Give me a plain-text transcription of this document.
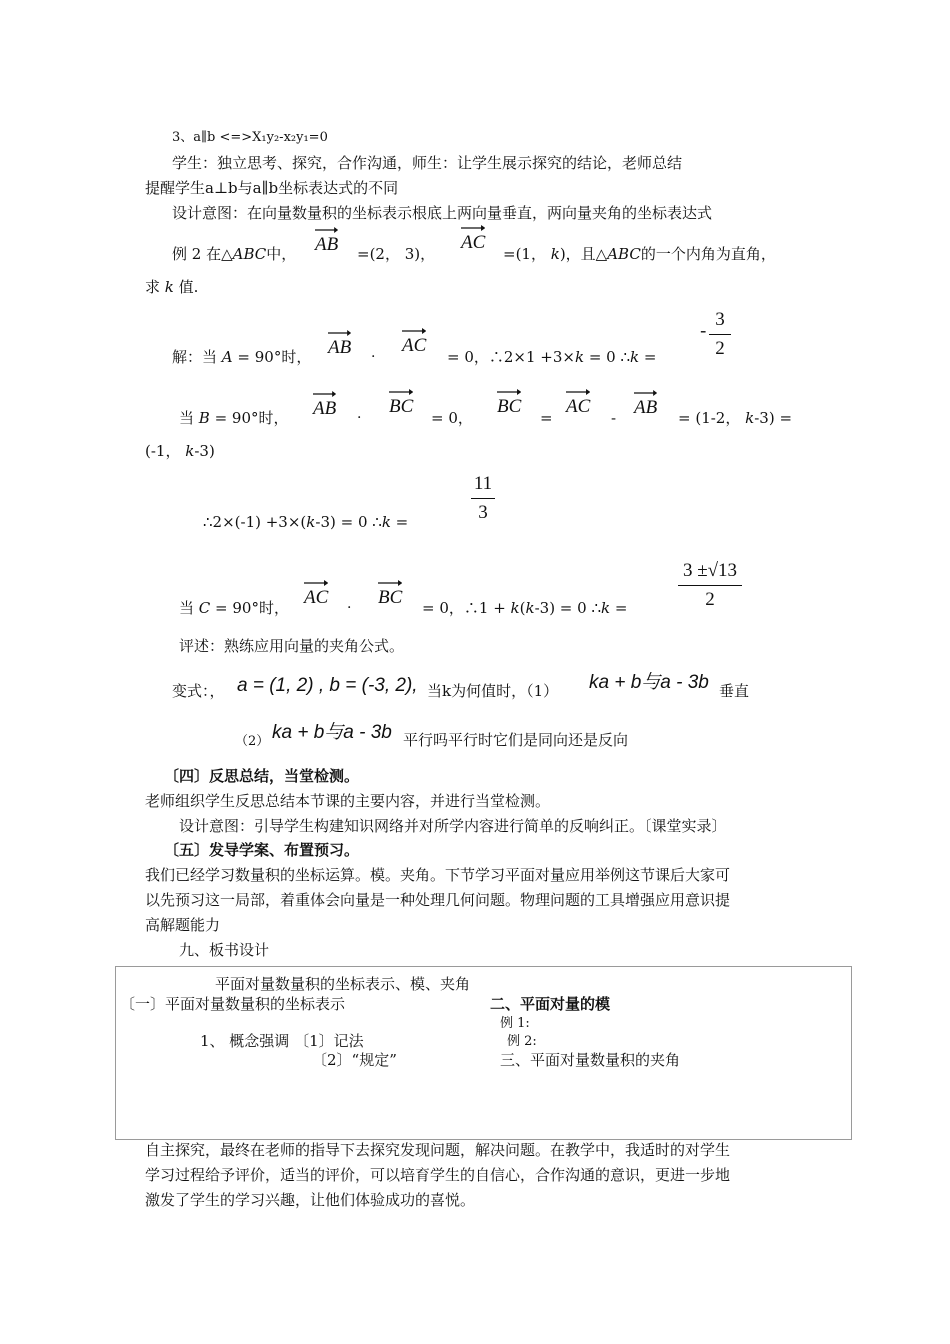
3、a∥b <=>X₁y₂-x₂y₁=0
学生：独立思考、探究，合作沟通，师生：让学生展示探究的结论，老师总结
提醒学生a⊥b与a∥b坐标表达式的不同
设计意图：在向量数量积的坐标表示根底上两向量垂直，两向量夹角的坐标表达式
例 2 在△ABC中， AB =(2， 3)，
AC
=(1， k)，且△ABC的一个内角为直角，
求 k 值.
解：当 A = 90°时， AB ·
AC
= 0，∴2×1 +3×k = 0 ∴k =
-
3
2
当 B = 90°时， AB ·
BC
= 0，
BC
=
AC
- AB = (1-2， k-3) =
(-1， k-3)
∴2×(-1) +3×(k-3) = 0 ∴k =
11
3
当 C = 90°时， AC · BC = 0，∴1 + k(k-3) = 0 ∴k =
3 ±√13
2
评述：熟练应用向量的夹角公式。
变式：， a = (1, 2) , b = (-3, 2), 当k为何值时，（1） ka + b与a - 3b 垂直
（2） ka + b与a - 3b 平行吗平行时它们是同向还是反向
〔四〕反思总结，当堂检测。
老师组织学生反思总结本节课的主要内容，并进行当堂检测。
设计意图：引导学生构建知识网络并对所学内容进行简单的反响纠正。〔课堂实录〕
〔五〕发导学案、布置预习。
我们已经学习数量积的坐标运算。模。夹角。下节学习平面对量应用举例这节课后大家可
以先预习这一局部，着重体会向量是一种处理几何问题。物理问题的工具增强应用意识提
高解题能力
九、板书设计
平面对量数量积的坐标表示、模、夹角
〔一〕平面对量数量积的坐标表示	二、平面对量的模
例 1:
1、 概念强调 〔1〕记法	例 2:
〔2〕“规定”	三、平面对量数量积的夹角
自主探究，最终在老师的指导下去探究发现问题，解决问题。在教学中，我适时的对学生
学习过程给予评价，适当的评价，可以培育学生的自信心，合作沟通的意识，更进一步地
激发了学生的学习兴趣，让他们体验成功的喜悦。
